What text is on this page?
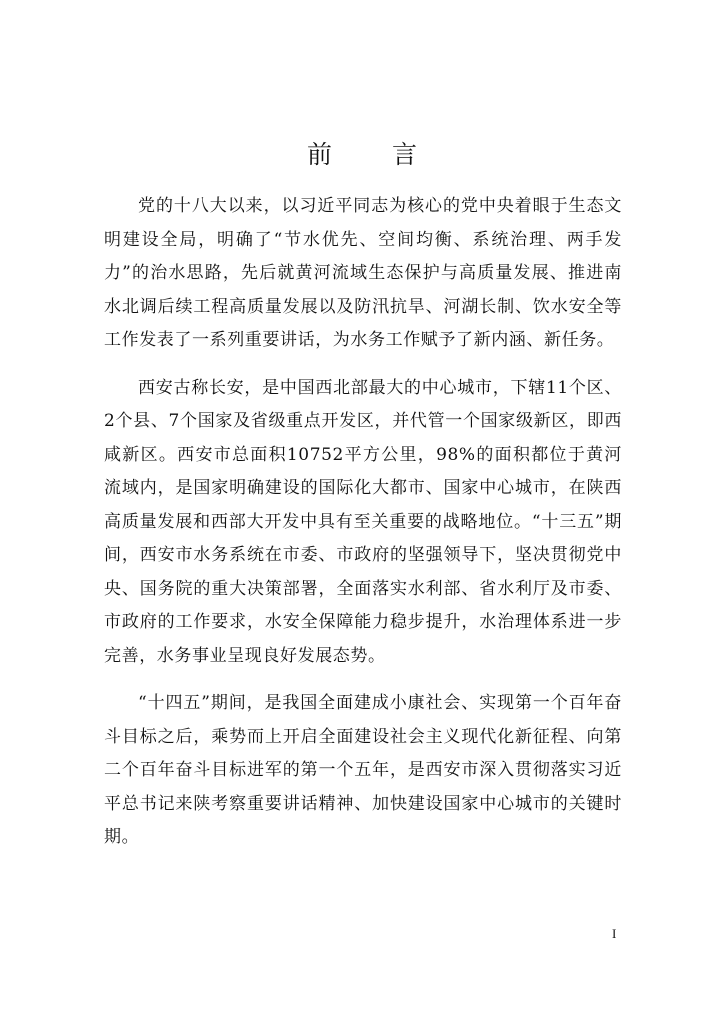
前 言

党的十八大以来，以习近平同志为核心的党中央着眼于生态文明建设全局，明确了“节水优先、空间均衡、系统治理、两手发力”的治水思路，先后就黄河流域生态保护与高质量发展、推进南水北调后续工程高质量发展以及防汛抗旱、河湖长制、饮水安全等工作发表了一系列重要讲话，为水务工作赋予了新内涵、新任务。

西安古称长安，是中国西北部最大的中心城市，下辖11个区、2个县、7个国家及省级重点开发区，并代管一个国家级新区，即西咸新区。西安市总面积10752平方公里，98%的面积都位于黄河流域内，是国家明确建设的国际化大都市、国家中心城市，在陕西高质量发展和西部大开发中具有至关重要的战略地位。“十三五”期间，西安市水务系统在市委、市政府的坚强领导下，坚决贯彻党中央、国务院的重大决策部署，全面落实水利部、省水利厅及市委、市政府的工作要求，水安全保障能力稳步提升，水治理体系进一步完善，水务事业呈现良好发展态势。

“十四五”期间，是我国全面建成小康社会、实现第一个百年奋斗目标之后，乘势而上开启全面建设社会主义现代化新征程、向第二个百年奋斗目标进军的第一个五年，是西安市深入贯彻落实习近平总书记来陕考察重要讲话精神、加快建设国家中心城市的关键时期。

I
